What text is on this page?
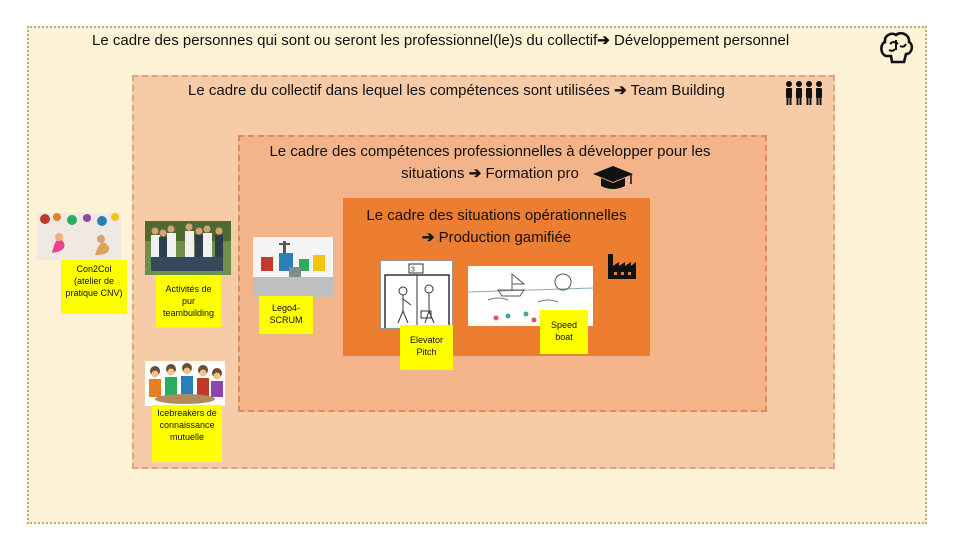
Le cadre des personnes qui sont ou seront les professionnel(le)s du collectif➔ Développement personnel
Le cadre du collectif dans lequel les compétences sont utilisées ➔ Team Building
Le cadre des compétences professionnelles à développer pour les
situations ➔ Formation pro
Le cadre des situations opérationnelles
➔ Production gamifiée
Con2Col (atelier de pratique CNV)	Activités de pur teambuilding	Lego4-SCRUM
3
Elevator Pitch
Speed boat
Icebreakers de connaissance mutuelle
